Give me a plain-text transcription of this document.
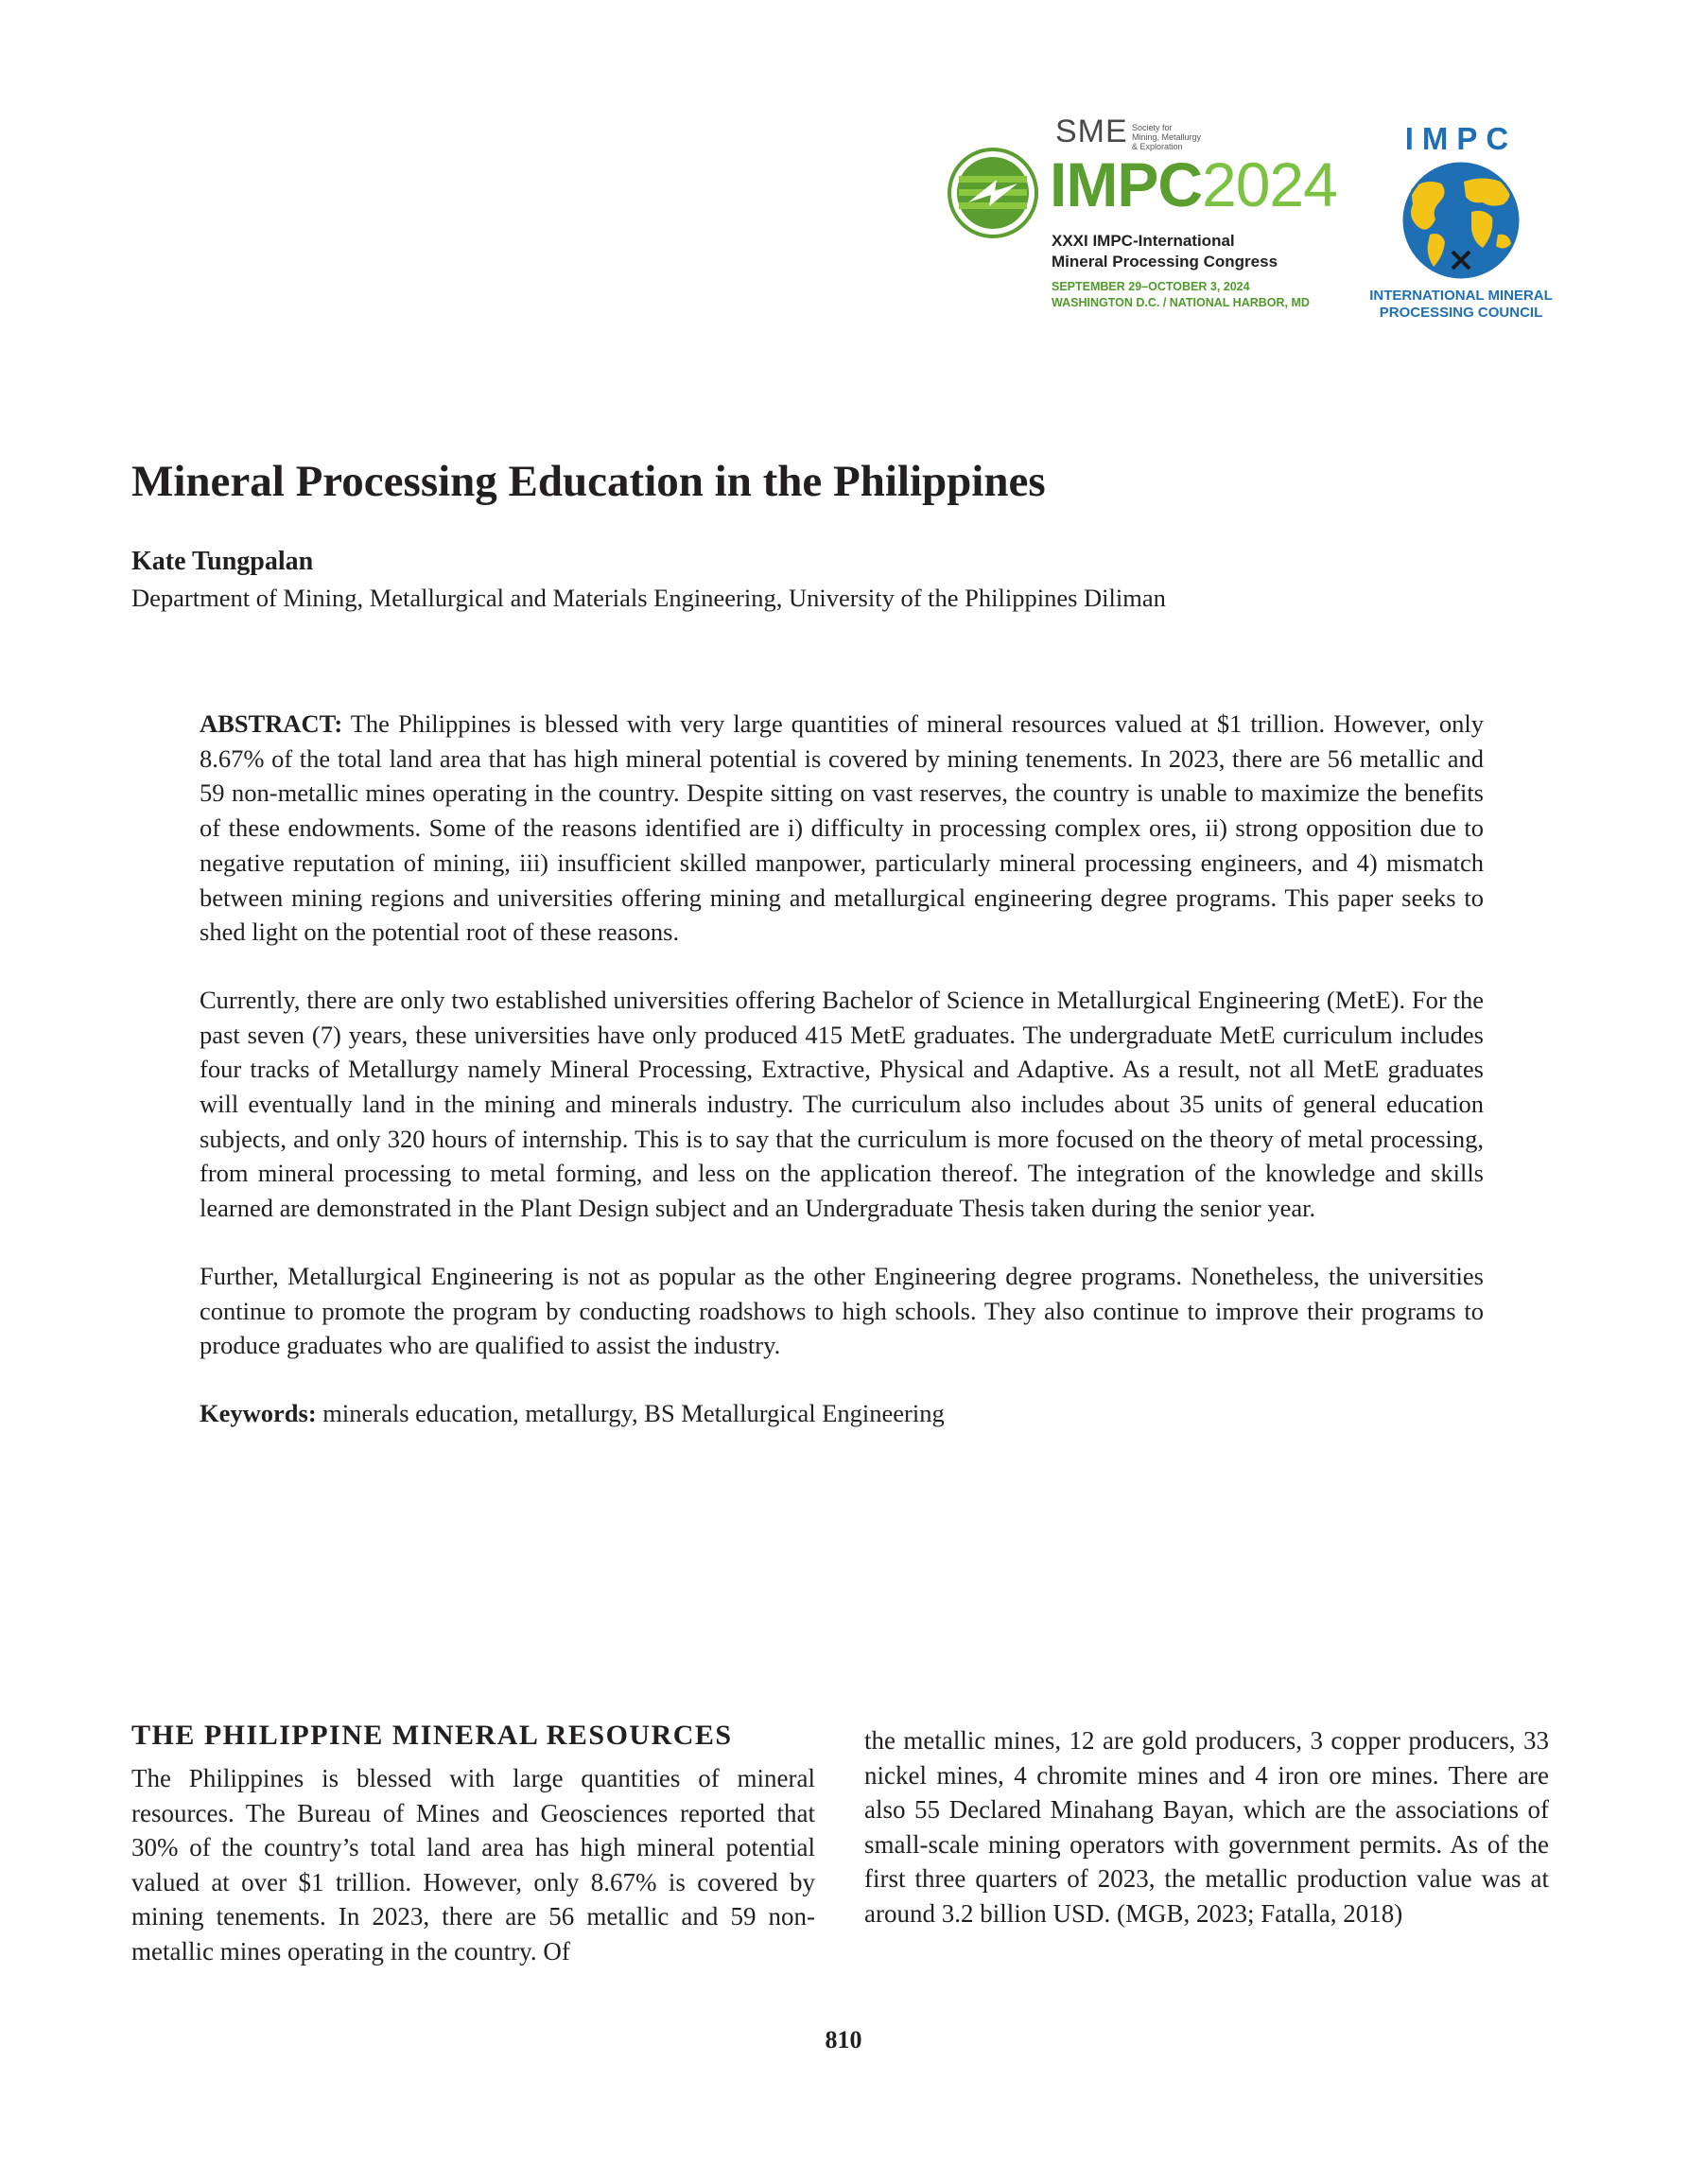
SME Society for
Mining, Metallurgy
& Exploration
IMPC2024
XXXI IMPC-International
Mineral Processing Congress
SEPTEMBER 29–OCTOBER 3, 2024
WASHINGTON D.C. / NATIONAL HARBOR, MD
IMPC
INTERNATIONAL MINERAL
PROCESSING COUNCIL
Mineral Processing Education in the Philippines
Kate Tungpalan
Department of Mining, Metallurgical and Materials Engineering, University of the Philippines Diliman

ABSTRACT: The Philippines is blessed with very large quantities of mineral resources valued at $1 trillion. However, only 8.67% of the total land area that has high mineral potential is covered by mining tenements. In 2023, there are 56 metallic and 59 non-metallic mines operating in the country. Despite sitting on vast reserves, the country is unable to maximize the benefits of these endowments. Some of the reasons identified are i) difficulty in processing complex ores, ii) strong opposition due to negative reputation of mining, iii) insufficient skilled manpower, particularly mineral processing engineers, and 4) mismatch between mining regions and universities offering mining and metallurgical engineering degree programs. This paper seeks to shed light on the potential root of these reasons.

Currently, there are only two established universities offering Bachelor of Science in Metallurgical Engineering (MetE). For the past seven (7) years, these universities have only produced 415 MetE graduates. The undergraduate MetE curriculum includes four tracks of Metallurgy namely Mineral Processing, Extractive, Physical and Adaptive. As a result, not all MetE graduates will eventually land in the mining and minerals industry. The curriculum also includes about 35 units of general education subjects, and only 320 hours of internship. This is to say that the curriculum is more focused on the theory of metal processing, from mineral processing to metal forming, and less on the application thereof. The integration of the knowledge and skills learned are demonstrated in the Plant Design subject and an Undergraduate Thesis taken during the senior year.

Further, Metallurgical Engineering is not as popular as the other Engineering degree programs. Nonetheless, the universities continue to promote the program by conducting roadshows to high schools. They also continue to improve their programs to produce graduates who are qualified to assist the industry.

Keywords: minerals education, metallurgy, BS Metallurgical Engineering

THE PHILIPPINE MINERAL RESOURCES

The Philippines is blessed with large quantities of mineral resources. The Bureau of Mines and Geosciences reported that 30% of the country’s total land area has high mineral potential valued at over $1 trillion. However, only 8.67% is covered by mining tenements. In 2023, there are 56 metallic and 59 non-metallic mines operating in the country. Of

the metallic mines, 12 are gold producers, 3 copper producers, 33 nickel mines, 4 chromite mines and 4 iron ore mines. There are also 55 Declared Minahang Bayan, which are the associations of small-scale mining operators with government permits. As of the first three quarters of 2023, the metallic production value was at around 3.2 billion USD. (MGB, 2023; Fatalla, 2018)

810
